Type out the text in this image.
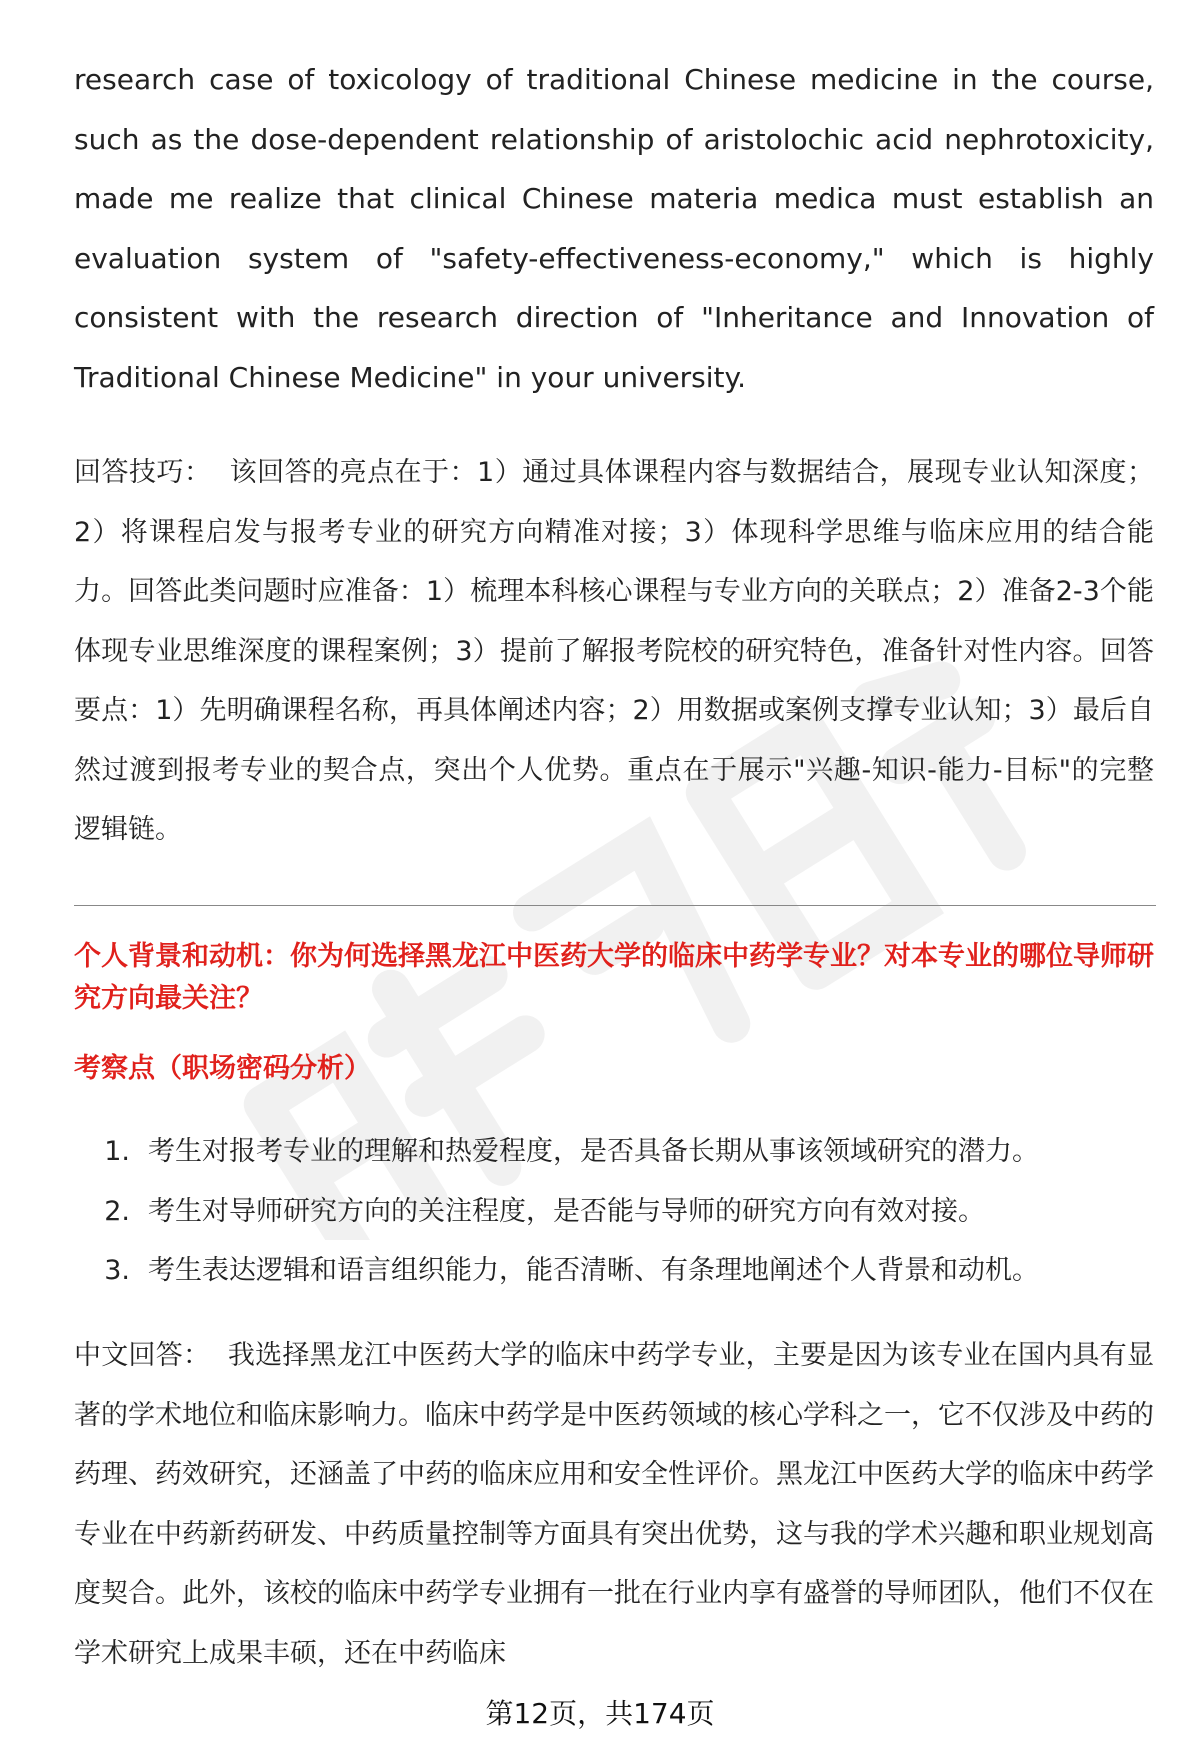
research case of toxicology of traditional Chinese medicine in the course, such as the dose-dependent relationship of aristolochic acid nephrotoxicity, made me realize that clinical Chinese materia medica must establish an evaluation system of "safety-effectiveness-economy," which is highly consistent with the research direction of "Inheritance and Innovation of Traditional Chinese Medicine" in your university.

回答技巧： 该回答的亮点在于：1）通过具体课程内容与数据结合，展现专业认知深度；2）将课程启发与报考专业的研究方向精准对接；3）体现科学思维与临床应用的结合能力。回答此类问题时应准备：1）梳理本科核心课程与专业方向的关联点；2）准备2-3个能体现专业思维深度的课程案例；3）提前了解报考院校的研究特色，准备针对性内容。回答要点：1）先明确课程名称，再具体阐述内容；2）用数据或案例支撑专业认知；3）最后自然过渡到报考专业的契合点，突出个人优势。重点在于展示"兴趣-知识-能力-目标"的完整逻辑链。

个人背景和动机：你为何选择黑龙江中医药大学的临床中药学专业？对本专业的哪位导师研究方向最关注？

考察点（职场密码分析）

1. 考生对报考专业的理解和热爱程度，是否具备长期从事该领域研究的潜力。
2. 考生对导师研究方向的关注程度，是否能与导师的研究方向有效对接。
3. 考生表达逻辑和语言组织能力，能否清晰、有条理地阐述个人背景和动机。

中文回答： 我选择黑龙江中医药大学的临床中药学专业，主要是因为该专业在国内具有显著的学术地位和临床影响力。临床中药学是中医药领域的核心学科之一，它不仅涉及中药的药理、药效研究，还涵盖了中药的临床应用和安全性评价。黑龙江中医药大学的临床中药学专业在中药新药研发、中药质量控制等方面具有突出优势，这与我的学术兴趣和职业规划高度契合。此外，该校的临床中药学专业拥有一批在行业内享有盛誉的导师团队，他们不仅在学术研究上成果丰硕，还在中药临床

第12页，共174页
